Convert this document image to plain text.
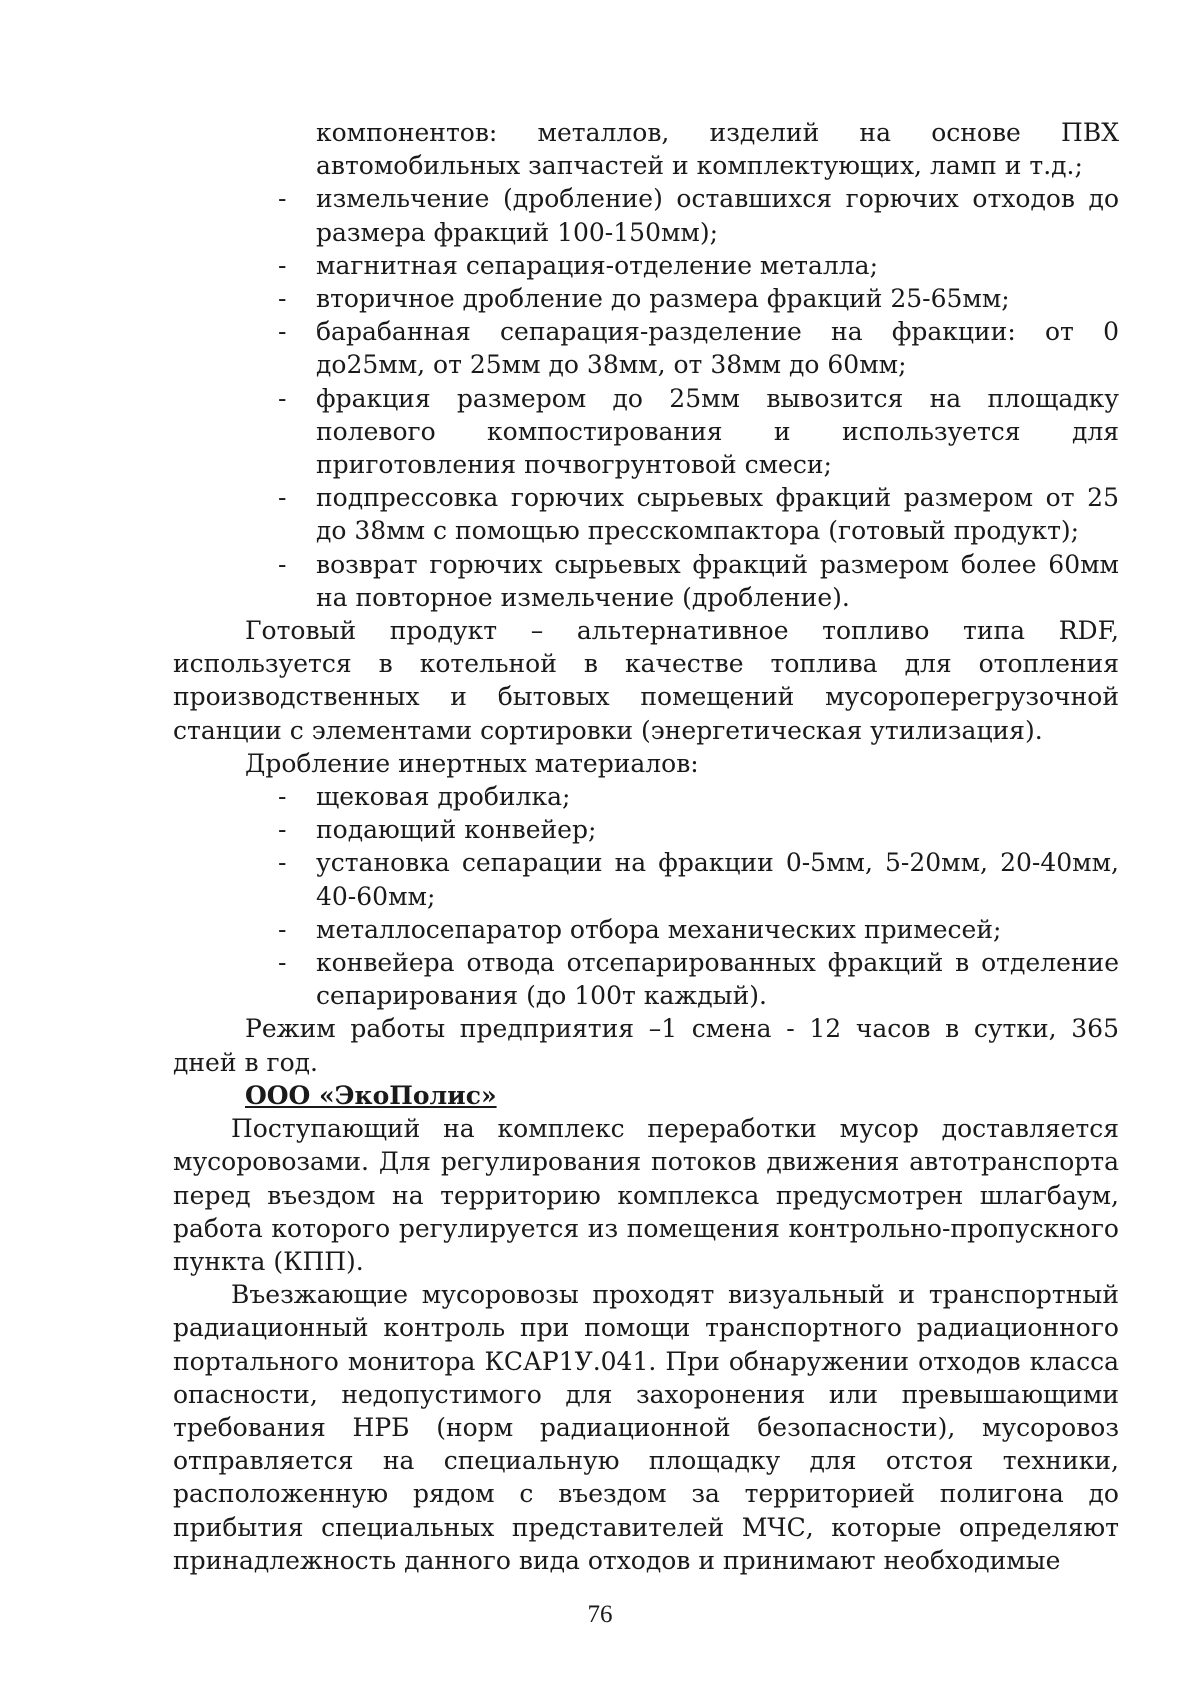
компонентов: металлов, изделий на основе ПВХ
автомобильных запчастей и комплектующих, ламп и т.д.;
- измельчение (дробление) оставшихся горючих отходов до размера фракций 100-150мм);
- магнитная сепарация-отделение металла;
- вторичное дробление до размера фракций 25-65мм;
- барабанная сепарация-разделение на фракции: от 0 до25мм, от 25мм до 38мм, от 38мм до 60мм;
- фракция размером до 25мм вывозится на площадку полевого компостирования и используется для приготовления почвогрунтовой смеси;
- подпрессовка горючих сырьевых фракций размером от 25 до 38мм с помощью пресскомпактора (готовый продукт);
- возврат горючих сырьевых фракций размером более 60мм на повторное измельчение (дробление).

Готовый продукт – альтернативное топливо типа RDF, используется в котельной в качестве топлива для отопления производственных и бытовых помещений мусороперегрузочной станции с элементами сортировки (энергетическая утилизация).

Дробление инертных материалов:
- щековая дробилка;
- подающий конвейер;
- установка сепарации на фракции 0-5мм, 5-20мм, 20-40мм, 40-60мм;
- металлосепаратор отбора механических примесей;
- конвейера отвода отсепарированных фракций в отделение сепарирования (до 100т каждый).

Режим работы предприятия –1 смена - 12 часов в сутки, 365 дней в год.

ООО «ЭкоПолис»

Поступающий на комплекс переработки мусор доставляется мусоровозами. Для регулирования потоков движения автотранспорта перед въездом на территорию комплекса предусмотрен шлагбаум, работа которого регулируется из помещения контрольно-пропускного пункта (КПП).

Въезжающие мусоровозы проходят визуальный и транспортный радиационный контроль при помощи транспортного радиационного портального монитора КСАР1У.041. При обнаружении отходов класса опасности, недопустимого для захоронения или превышающими требования НРБ (норм радиационной безопасности), мусоровоз отправляется на специальную площадку для отстоя техники, расположенную рядом с въездом за территорией полигона до прибытия специальных представителей МЧС, которые определяют принадлежность данного вида отходов и принимают необходимые

76
